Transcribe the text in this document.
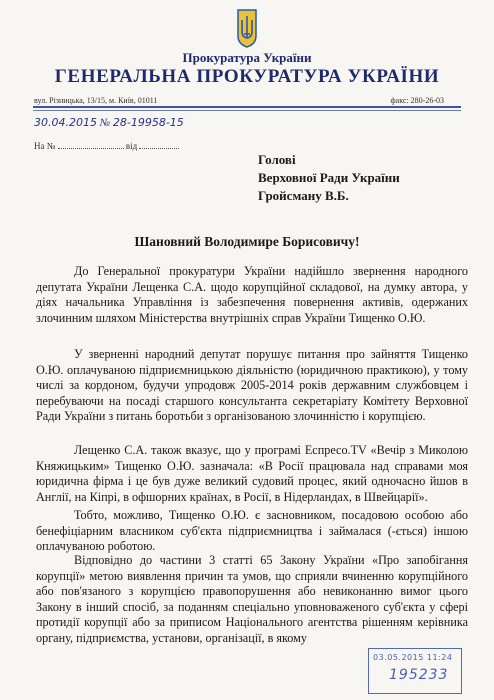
Прокуратура України
ГЕНЕРАЛЬНА ПРОКУРАТУРА УКРАЇНИ
вул. Різницька, 13/15, м. Київ, 01011	факс: 280-26-03
30.04.2015 № 28-19958-15
На №	від
Голові
Верховної Ради України
Гройсману В.Б.
Шановний Володимире Борисовичу!
До Генеральної прокуратури України надійшло звернення народного депутата України Лещенка С.А. щодо корупційної складової, на думку автора, у діях начальника Управління із забезпечення повернення активів, одержаних злочинним шляхом Міністерства внутрішніх справ України Тищенко О.Ю.
У зверненні народний депутат порушує питання про зайняття Тищенко О.Ю. оплачуваною підприємницькою діяльністю (юридичною практикою), у тому числі за кордоном, будучи упродовж 2005-2014 років державним службовцем і перебуваючи на посаді старшого консультанта секретаріату Комітету Верховної Ради України з питань боротьби з організованою злочинністю і корупцією.
Лещенко С.А. також вказує, що у програмі Еспресо.TV «Вечір з Миколою Княжицьким» Тищенко О.Ю. зазначала: «В Росії працювала над справами моя юридична фірма і це був дуже великий судовий процес, який одночасно йшов в Англії, на Кіпрі, в офшорних країнах, в Росії, в Нідерландах, в Швейцарії».
Тобто, можливо, Тищенко О.Ю. є засновником, посадовою особою або бенефіціарним власником суб'єкта підприємництва і займалася (-ється) іншою оплачуваною роботою.
Відповідно до частини 3 статті 65 Закону України «Про запобігання корупції» метою виявлення причин та умов, що сприяли вчиненню корупційного або пов'язаного з корупцією правопорушення або невиконанню вимог цього Закону в інший спосіб, за поданням спеціально уповноваженого суб'єкта у сфері протидії корупції або за приписом Національного агентства рішенням керівника органу, підприємства, установи, організації, в якому
03.05.2015 11:24
195233
